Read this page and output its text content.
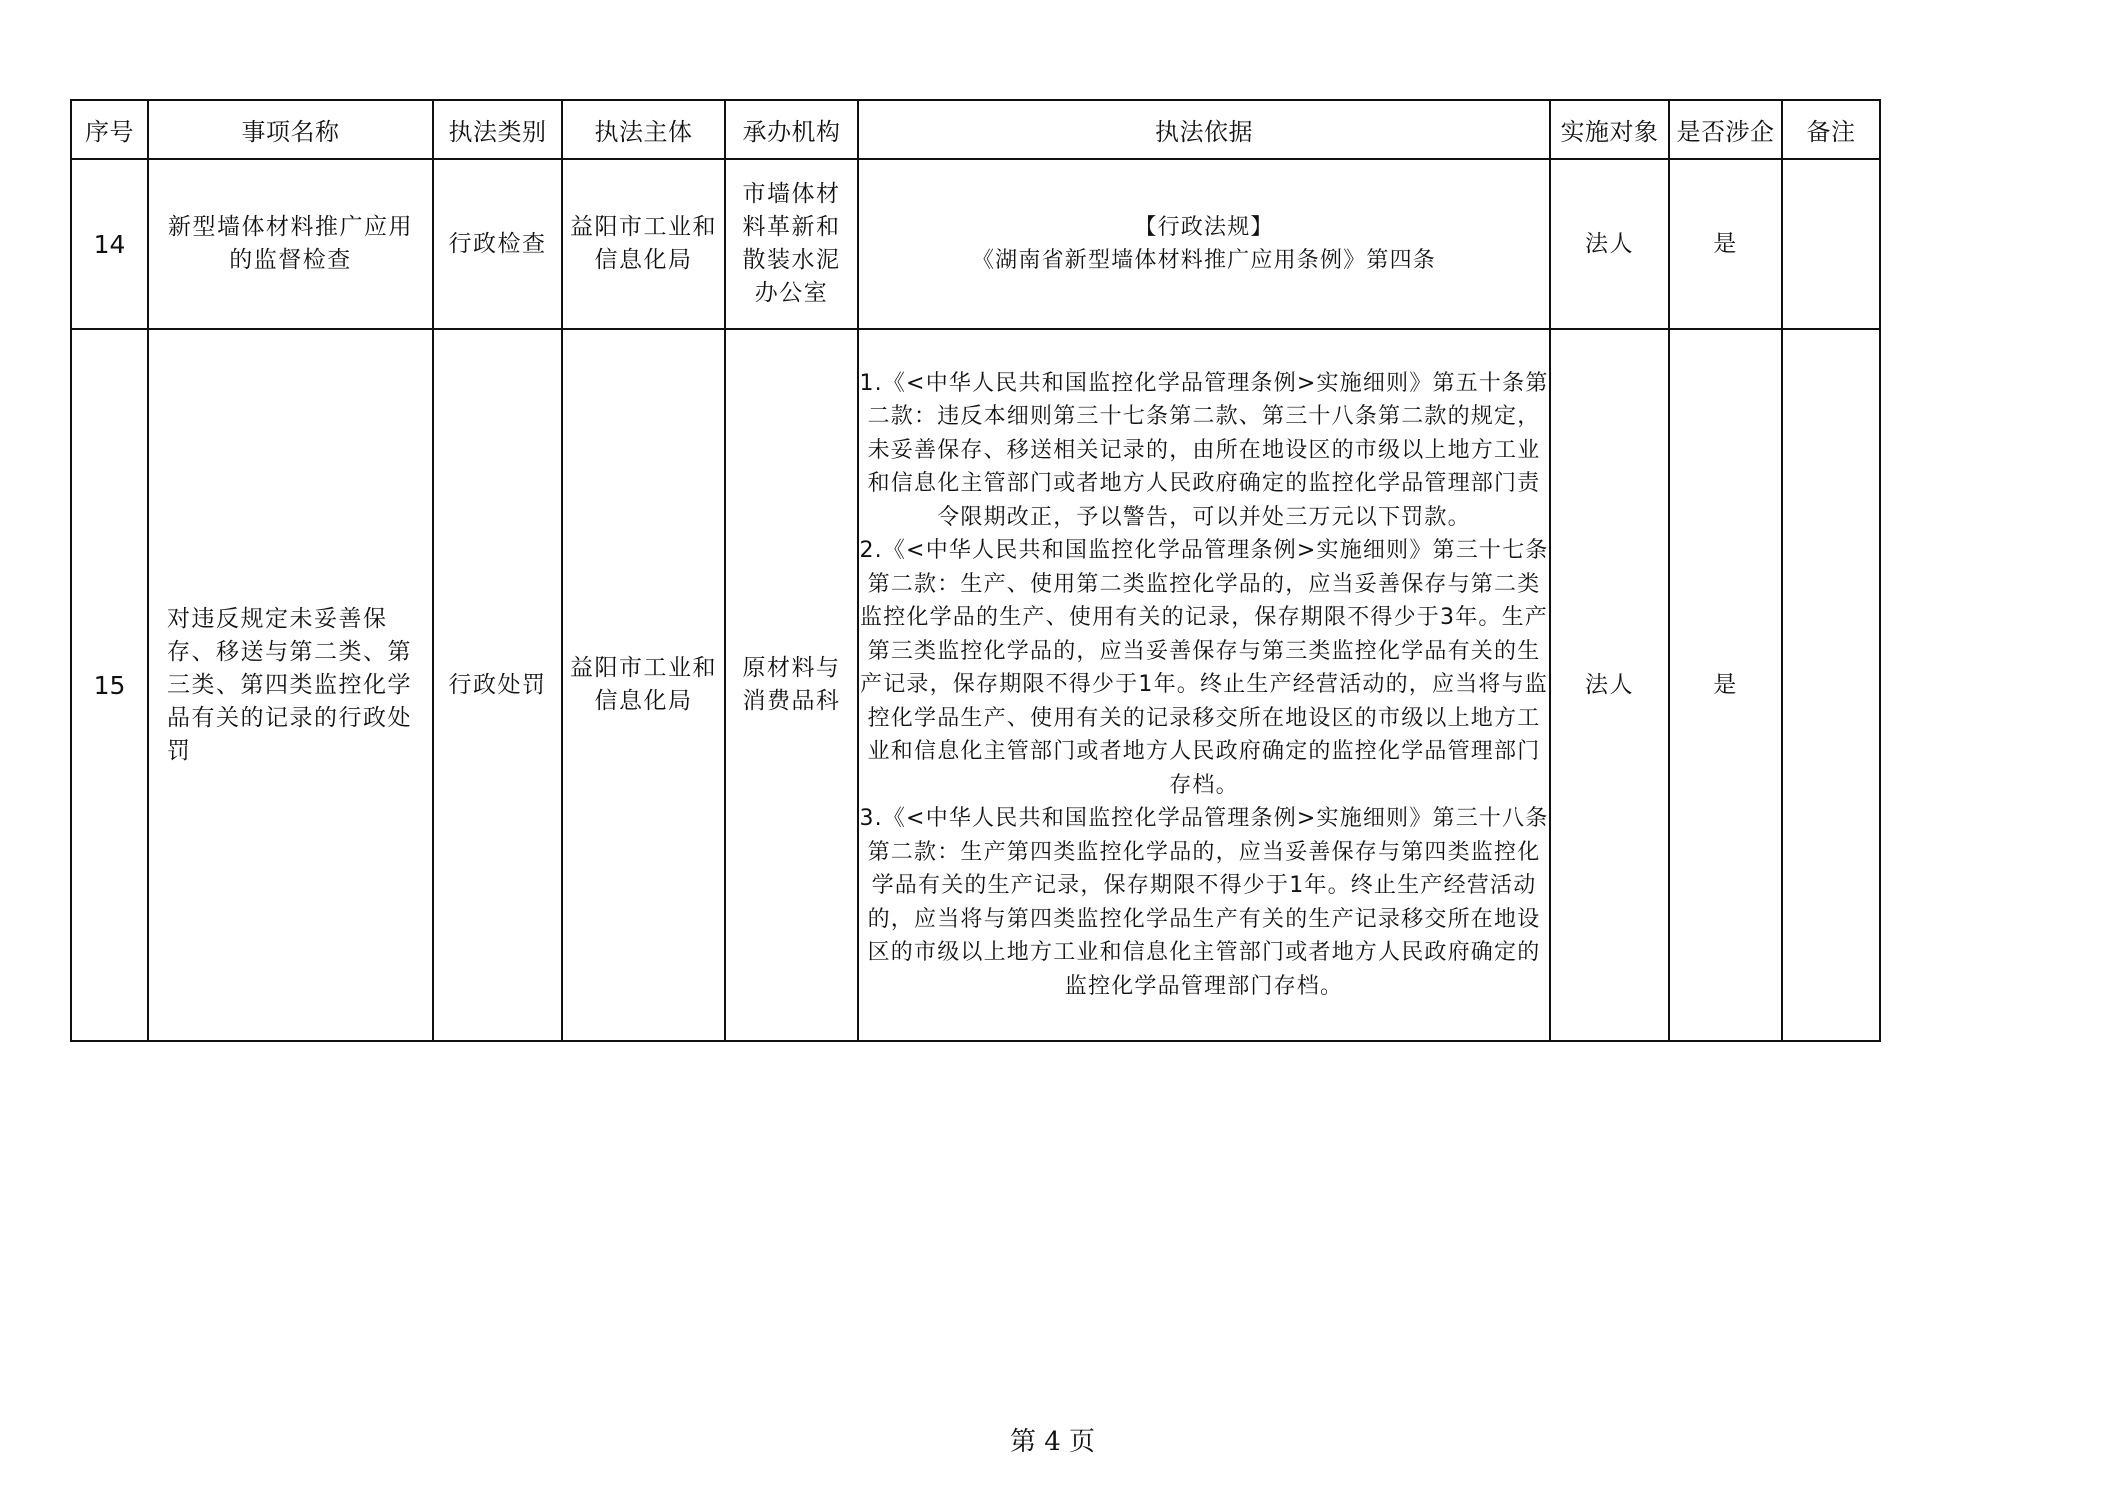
序号	事项名称	执法类别	执法主体	承办机构	执法依据	实施对象	是否涉企	备注
14	新型墙体材料推广应用的监督检查	行政检查	益阳市工业和信息化局	市墙体材料革新和散装水泥办公室	【行政法规】
《湖南省新型墙体材料推广应用条例》第四条	法人	是	
15	对违反规定未妥善保存、移送与第二类、第三类、第四类监控化学品有关的记录的行政处罚	行政处罚	益阳市工业和信息化局	原材料与消费品科	1.《<中华人民共和国监控化学品管理条例>实施细则》第五十条第二款：违反本细则第三十七条第二款、第三十八条第二款的规定，未妥善保存、移送相关记录的，由所在地设区的市级以上地方工业和信息化主管部门或者地方人民政府确定的监控化学品管理部门责令限期改正，予以警告，可以并处三万元以下罚款。
2.《<中华人民共和国监控化学品管理条例>实施细则》第三十七条第二款：生产、使用第二类监控化学品的，应当妥善保存与第二类监控化学品的生产、使用有关的记录，保存期限不得少于3年。生产第三类监控化学品的，应当妥善保存与第三类监控化学品有关的生产记录，保存期限不得少于1年。终止生产经营活动的，应当将与监控化学品生产、使用有关的记录移交所在地设区的市级以上地方工业和信息化主管部门或者地方人民政府确定的监控化学品管理部门存档。
3.《<中华人民共和国监控化学品管理条例>实施细则》第三十八条第二款：生产第四类监控化学品的，应当妥善保存与第四类监控化学品有关的生产记录，保存期限不得少于1年。终止生产经营活动的，应当将与第四类监控化学品生产有关的生产记录移交所在地设区的市级以上地方工业和信息化主管部门或者地方人民政府确定的监控化学品管理部门存档。	法人	是	
第 4 页
